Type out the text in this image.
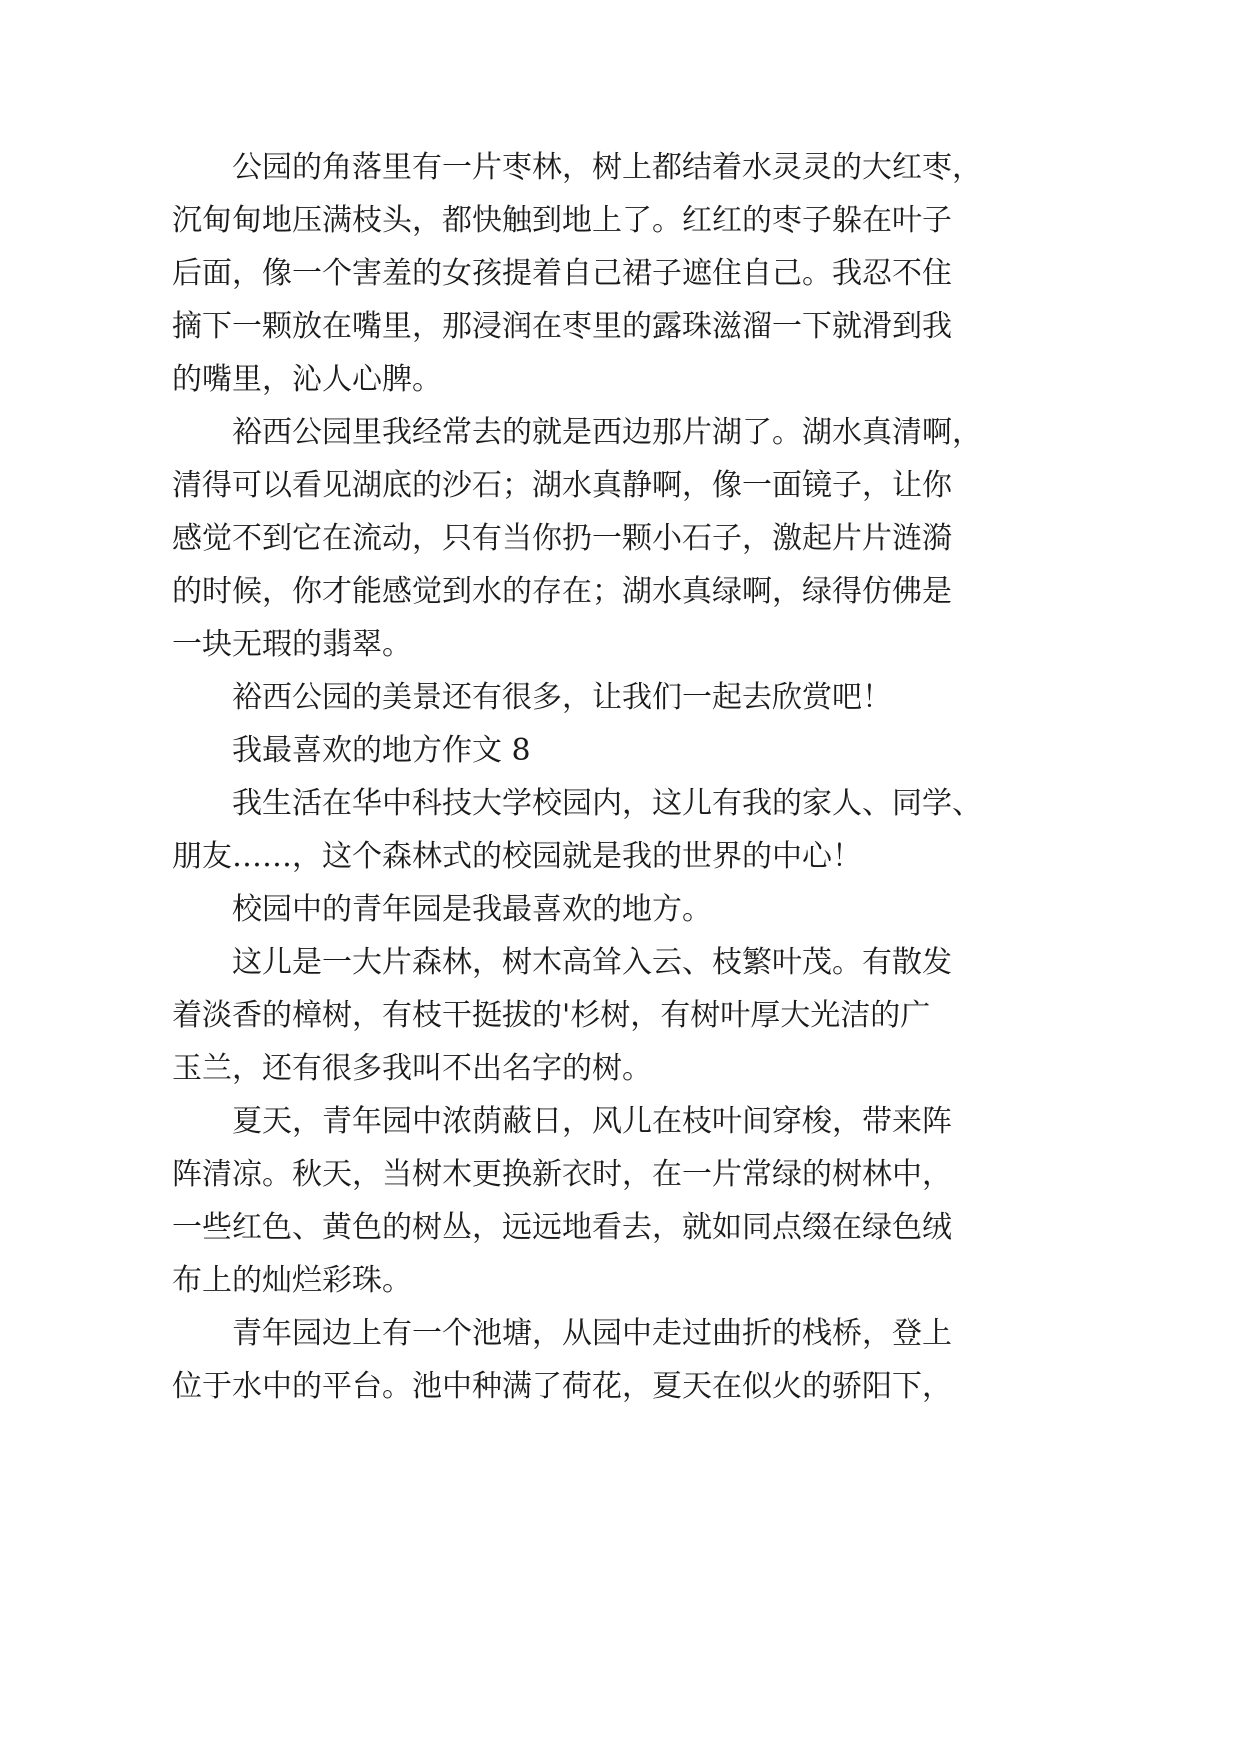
公园的角落里有一片枣林，树上都结着水灵灵的大红枣，
沉甸甸地压满枝头，都快触到地上了。红红的枣子躲在叶子
后面，像一个害羞的女孩提着自己裙子遮住自己。我忍不住
摘下一颗放在嘴里，那浸润在枣里的露珠滋溜一下就滑到我
的嘴里，沁人心脾。
裕西公园里我经常去的就是西边那片湖了。湖水真清啊，
清得可以看见湖底的沙石；湖水真静啊，像一面镜子，让你
感觉不到它在流动，只有当你扔一颗小石子，激起片片涟漪
的时候，你才能感觉到水的存在；湖水真绿啊，绿得仿佛是
一块无瑕的翡翠。
裕西公园的美景还有很多，让我们一起去欣赏吧！
我最喜欢的地方作文 8
我生活在华中科技大学校园内，这儿有我的家人、同学、
朋友……，这个森林式的校园就是我的世界的中心！
校园中的青年园是我最喜欢的地方。
这儿是一大片森林，树木高耸入云、枝繁叶茂。有散发
着淡香的樟树，有枝干挺拔的'杉树，有树叶厚大光洁的广
玉兰，还有很多我叫不出名字的树。
夏天，青年园中浓荫蔽日，风儿在枝叶间穿梭，带来阵
阵清凉。秋天，当树木更换新衣时，在一片常绿的树林中，
一些红色、黄色的树丛，远远地看去，就如同点缀在绿色绒
布上的灿烂彩珠。
青年园边上有一个池塘，从园中走过曲折的栈桥，登上
位于水中的平台。池中种满了荷花，夏天在似火的骄阳下，
